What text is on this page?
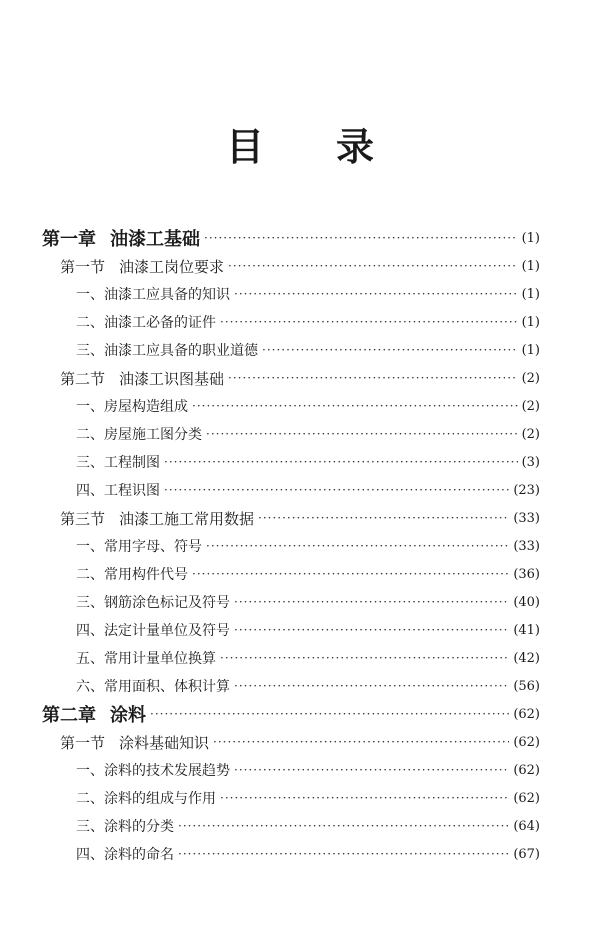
目 录
第一章 油漆工基础 ·····	(1)
第一节 油漆工岗位要求 ·····	(1)
一、油漆工应具备的知识 ·····	(1)
二、油漆工必备的证件 ·····	(1)
三、油漆工应具备的职业道德 ·····	(1)
第二节 油漆工识图基础 ·····	(2)
一、房屋构造组成 ·····	(2)
二、房屋施工图分类 ·····	(2)
三、工程制图 ·····	(3)
四、工程识图 ·····	(23)
第三节 油漆工施工常用数据 ·····	(33)
一、常用字母、符号 ·····	(33)
二、常用构件代号 ·····	(36)
三、钢筋涂色标记及符号 ·····	(40)
四、法定计量单位及符号 ·····	(41)
五、常用计量单位换算 ·····	(42)
六、常用面积、体积计算 ·····	(56)
第二章 涂料 ·····	(62)
第一节 涂料基础知识 ·····	(62)
一、涂料的技术发展趋势 ·····	(62)
二、涂料的组成与作用 ·····	(62)
三、涂料的分类 ·····	(64)
四、涂料的命名 ·····	(67)
